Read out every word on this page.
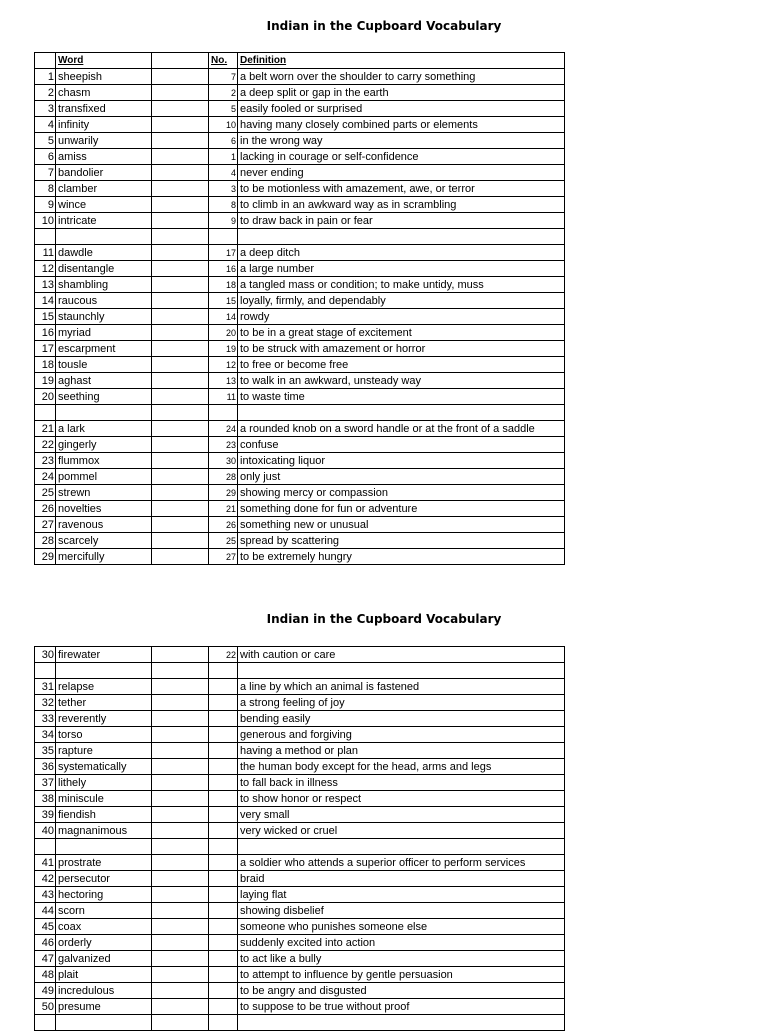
Indian in the Cupboard Vocabulary
	Word		No.	Definition
1	sheepish		7	a belt worn over the shoulder to carry something
2	chasm		2	a deep split or gap in the earth
3	transfixed		5	easily fooled or surprised
4	infinity		10	having many closely combined parts or elements
5	unwarily		6	in the wrong way
6	amiss		1	lacking in courage or self-confidence
7	bandolier		4	never ending
8	clamber		3	to be motionless with amazement, awe, or terror
9	wince		8	to climb in an awkward way as in scrambling
10	intricate		9	to draw back in pain or fear

11	dawdle		17	a deep ditch
12	disentangle		16	a large number
13	shambling		18	a tangled mass or condition; to make untidy, muss
14	raucous		15	loyally, firmly, and dependably
15	staunchly		14	rowdy
16	myriad		20	to be in a great stage of excitement
17	escarpment		19	to be struck with amazement or horror
18	tousle		12	to free or become free
19	aghast		13	to walk in an awkward, unsteady way
20	seething		11	to waste time

21	a lark		24	a rounded knob on a sword handle or at the front of a saddle
22	gingerly		23	confuse
23	flummox		30	intoxicating liquor
24	pommel		28	only just
25	strewn		29	showing mercy or compassion
26	novelties		21	something done for fun or adventure
27	ravenous		26	something new or unusual
28	scarcely		25	spread by scattering
29	mercifully		27	to be extremely hungry
Indian in the Cupboard Vocabulary
30	firewater		22	with caution or care

31	relapse			a line by which an animal is fastened
32	tether			a strong feeling of joy
33	reverently			bending easily
34	torso			generous and forgiving
35	rapture			having a method or plan
36	systematically			the human body except for the head, arms and legs
37	lithely			to fall back in illness
38	miniscule			to show honor or respect
39	fiendish			very small
40	magnanimous			very wicked or cruel

41	prostrate			a soldier who attends a superior officer to perform services
42	persecutor			braid
43	hectoring			laying flat
44	scorn			showing disbelief
45	coax			someone who punishes someone else
46	orderly			suddenly excited into action
47	galvanized			to act like a bully
48	plait			to attempt to influence by gentle persuasion
49	incredulous			to be angry and disgusted
50	presume			to suppose to be true without proof
